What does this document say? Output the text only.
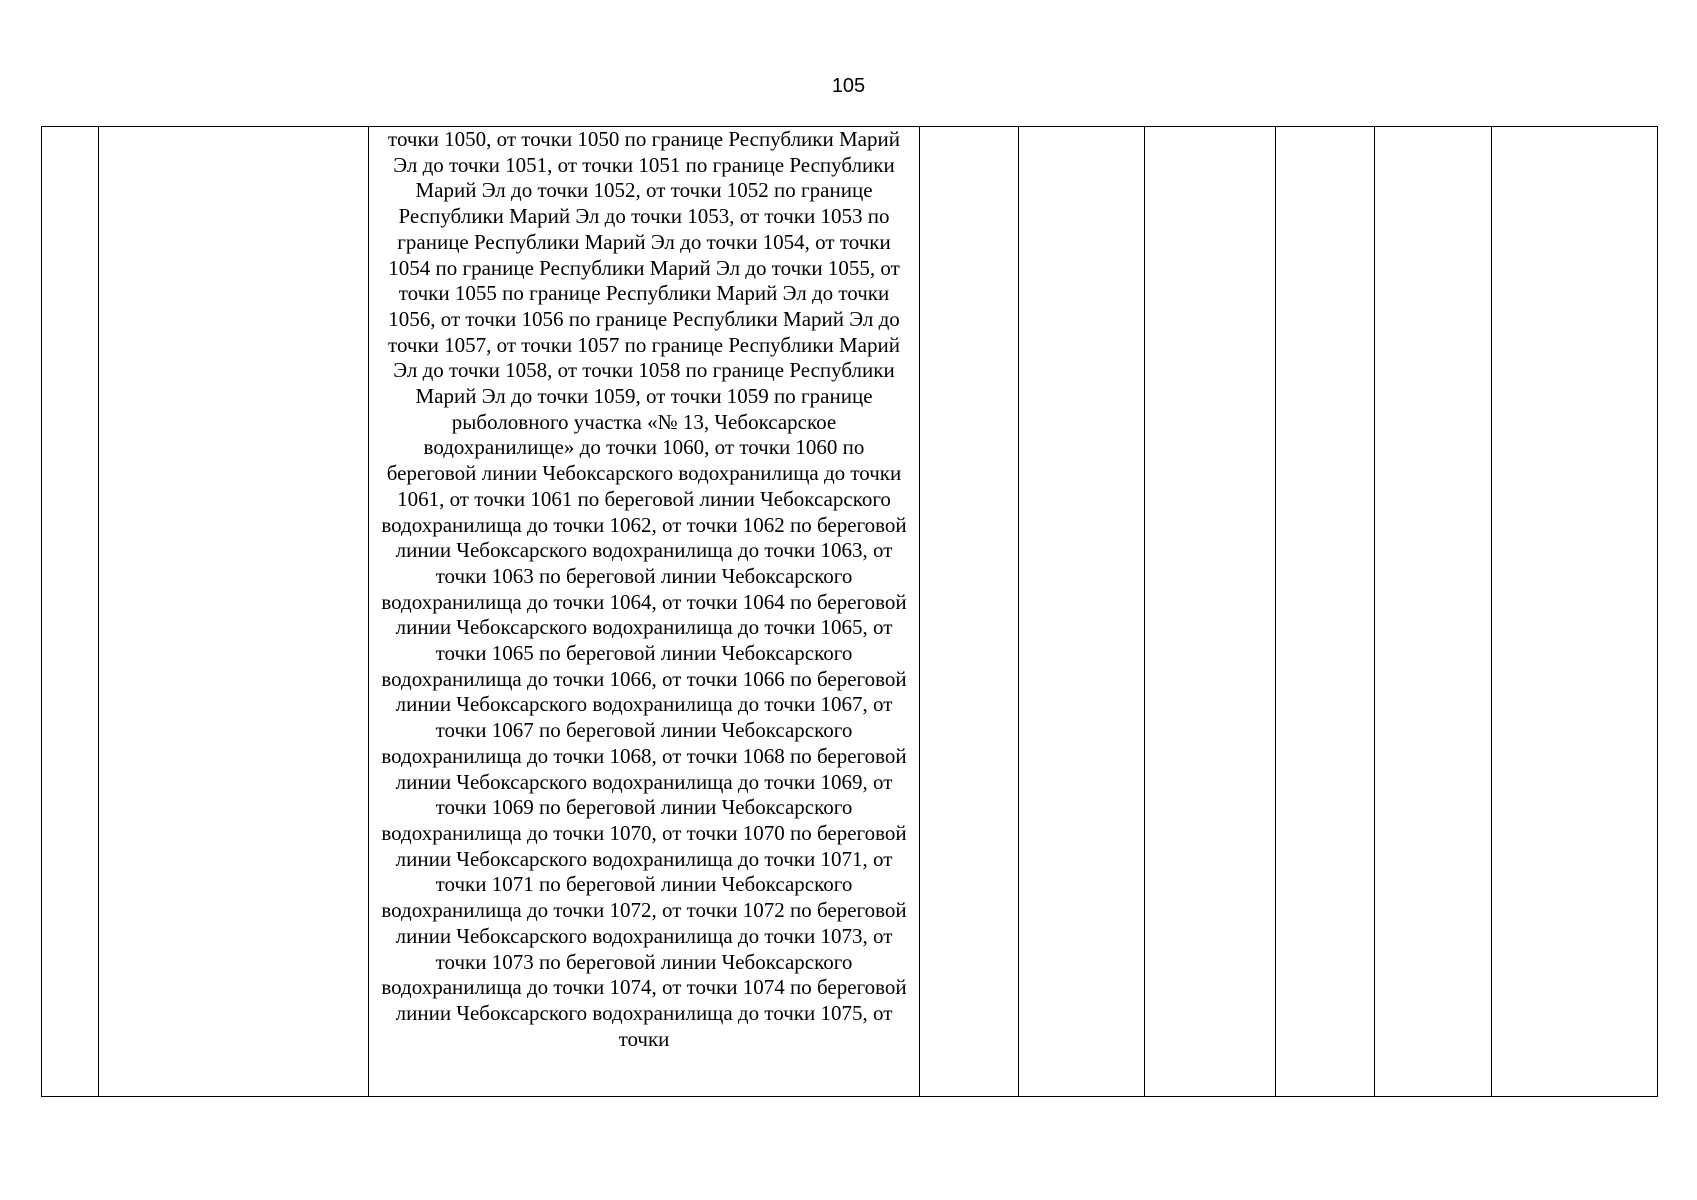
105

точки 1050, от точки 1050 по границе Республики Марий Эл до точки 1051, от точки 1051 по границе Республики Марий Эл до точки 1052, от точки 1052 по границе Республики Марий Эл до точки 1053, от точки 1053 по границе Республики Марий Эл до точки 1054, от точки 1054 по границе Республики Марий Эл до точки 1055, от точки 1055 по границе Республики Марий Эл до точки 1056, от точки 1056 по границе Республики Марий Эл до точки 1057, от точки 1057 по границе Республики Марий Эл до точки 1058, от точки 1058 по границе Республики Марий Эл до точки 1059, от точки 1059 по границе рыболовного участка «№ 13, Чебоксарское водохранилище» до точки 1060, от точки 1060 по береговой линии Чебоксарского водохранилища до точки 1061, от точки 1061 по береговой линии Чебоксарского водохранилища до точки 1062, от точки 1062 по береговой линии Чебоксарского водохранилища до точки 1063, от точки 1063 по береговой линии Чебоксарского водохранилища до точки 1064, от точки 1064 по береговой линии Чебоксарского водохранилища до точки 1065, от точки 1065 по береговой линии Чебоксарского водохранилища до точки 1066, от точки 1066 по береговой линии Чебоксарского водохранилища до точки 1067, от точки 1067 по береговой линии Чебоксарского водохранилища до точки 1068, от точки 1068 по береговой линии Чебоксарского водохранилища до точки 1069, от точки 1069 по береговой линии Чебоксарского водохранилища до точки 1070, от точки 1070 по береговой линии Чебоксарского водохранилища до точки 1071, от точки 1071 по береговой линии Чебоксарского водохранилища до точки 1072, от точки 1072 по береговой линии Чебоксарского водохранилища до точки 1073, от точки 1073 по береговой линии Чебоксарского водохранилища до точки 1074, от точки 1074 по береговой линии Чебоксарского водохранилища до точки 1075, от точки
